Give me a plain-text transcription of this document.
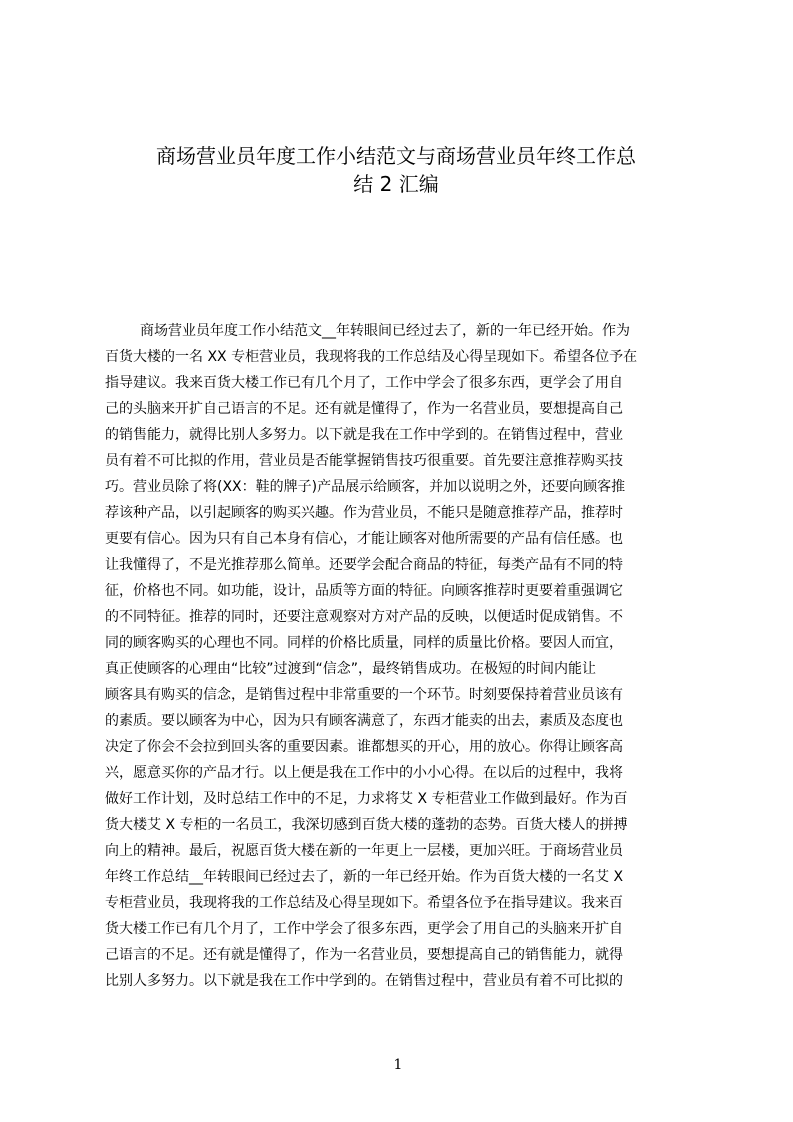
商场营业员年度工作小结范文与商场营业员年终工作总
结 2 汇编
商场营业员年度工作小结范文__年转眼间已经过去了，新的一年已经开始。作为
百货大楼的一名 XX 专柜营业员，我现将我的工作总结及心得呈现如下。希望各位予在
指导建议。我来百货大楼工作已有几个月了，工作中学会了很多东西，更学会了用自
己的头脑来开扩自己语言的不足。还有就是懂得了，作为一名营业员，要想提高自己
的销售能力，就得比别人多努力。以下就是我在工作中学到的。在销售过程中，营业
员有着不可比拟的作用，营业员是否能掌握销售技巧很重要。首先要注意推荐购买技
巧。营业员除了将(XX：鞋的牌子)产品展示给顾客，并加以说明之外，还要向顾客推
荐该种产品，以引起顾客的购买兴趣。作为营业员，不能只是随意推荐产品，推荐时
更要有信心。因为只有自己本身有信心，才能让顾客对他所需要的产品有信任感。也
让我懂得了，不是光推荐那么简单。还要学会配合商品的特征，每类产品有不同的特
征，价格也不同。如功能，设计，品质等方面的特征。向顾客推荐时更要着重强调它
的不同特征。推荐的同时，还要注意观察对方对产品的反映，以便适时促成销售。不
同的顾客购买的心理也不同。同样的价格比质量，同样的质量比价格。要因人而宜，
真正使顾客的心理由“比较”过渡到“信念”，最终销售成功。在极短的时间内能让
顾客具有购买的信念，是销售过程中非常重要的一个环节。时刻要保持着营业员该有
的素质。要以顾客为中心，因为只有顾客满意了，东西才能卖的出去，素质及态度也
决定了你会不会拉到回头客的重要因素。谁都想买的开心，用的放心。你得让顾客高
兴，愿意买你的产品才行。以上便是我在工作中的小小心得。在以后的过程中，我将
做好工作计划，及时总结工作中的不足，力求将艾 X 专柜营业工作做到最好。作为百
货大楼艾 X 专柜的一名员工，我深切感到百货大楼的蓬勃的态势。百货大楼人的拼搏
向上的精神。最后，祝愿百货大楼在新的一年更上一层楼，更加兴旺。于商场营业员
年终工作总结__年转眼间已经过去了，新的一年已经开始。作为百货大楼的一名艾 X
专柜营业员，我现将我的工作总结及心得呈现如下。希望各位予在指导建议。我来百
货大楼工作已有几个月了，工作中学会了很多东西，更学会了用自己的头脑来开扩自
己语言的不足。还有就是懂得了，作为一名营业员，要想提高自己的销售能力，就得
比别人多努力。以下就是我在工作中学到的。在销售过程中，营业员有着不可比拟的
1
